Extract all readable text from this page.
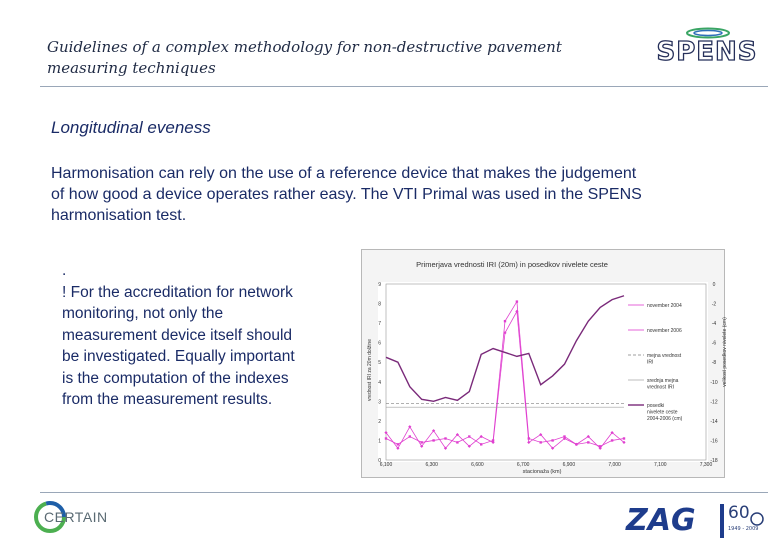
Guidelines of a complex methodology for non-destructive pavement
measuring techniques
SPENS
Longitudinal eveness
Harmonisation can rely on the use of a reference device that makes the judgement
of how good a device operates rather easy. The VTI Primal was used in the SPENS
harmonisation test.
.
! For the accreditation for network
monitoring, not only the
measurement device itself should
be investigated. Equally important
is the computation of the indexes
from the measurement results.
Primerjava vrednosti IRI (20m) in posedkov nivelete ceste
vrednost IRI za 20m dolžine	velikost posedkov nivelete (cm)
stacionaža (km)
0
1
2
3
4
5
6
7
8
9	0
-2
-4
-6
-8
-10
-12
-14
-16
-18
6,100	6,300	6,600	6,700	6,900	7,000	7,100	7,300
november 2004
november 2006
mejna vrednost
IRI
srednja mejna
vrednost IRI
posedki
nivelete ceste
2004-2006 (cm)
CERTAIN	ZAG 60
1949 - 2009
